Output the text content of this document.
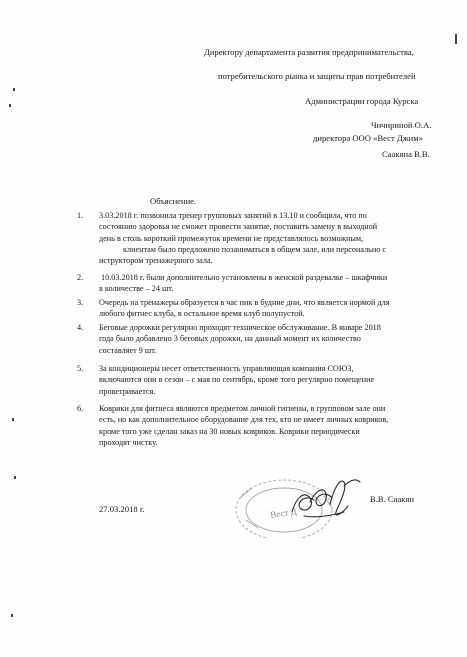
Директору департамента развития предпринимательства,
потребительского рынка и защиты прав потребителей
Администрации города Курска
Чичириной О.А.
директора ООО «Вест Джим»
Саакяна В.В.
Объяснение.
1. 3.03.2018 г. позвонила тренер групповых занятий в 13.10 и сообщила, что по
состоянию здоровья не сможет провести занятие, поставить замену в выходной
день в столь короткий промежуток времени не представлялось возможным,
клиентам было предложено позаниматься в общем зале, или персонально с
иструктором тренажерного зала.
2. 10.03.2018 г. были дополнительно установлены в женской раздевалке – шкафчики
в количестве – 24 шт.
3. Очередь на тренажеры образуется в час пик в будние дни, что является нормой для
любого фитнес клуба, в остальное время клуб полупустой.
4. Беговые дорожки регулярно проходят техническое обслуживание. В январе 2018
года было добавлено 3 беговых дорожки, на данный момент их количество
составляет 9 шт.
5. За кондиционеры несет ответственность управляющая компания СОЮЗ,
включаются они в сезон – с мая по сентябрь, кроме того регулярно помещение
проветривается.
6. Коврики для фитнеса являются предметом личной гигиены, в групповом зале они
есть, но как дополнительное оборудование для тех, кто не имеет личных ковриков,
кроме того уже сделан заказ на 30 новых ковриков. Коврики периодически
проходят чистку.
27.03.2018 г.	Вест Д
В.В. Саакян
